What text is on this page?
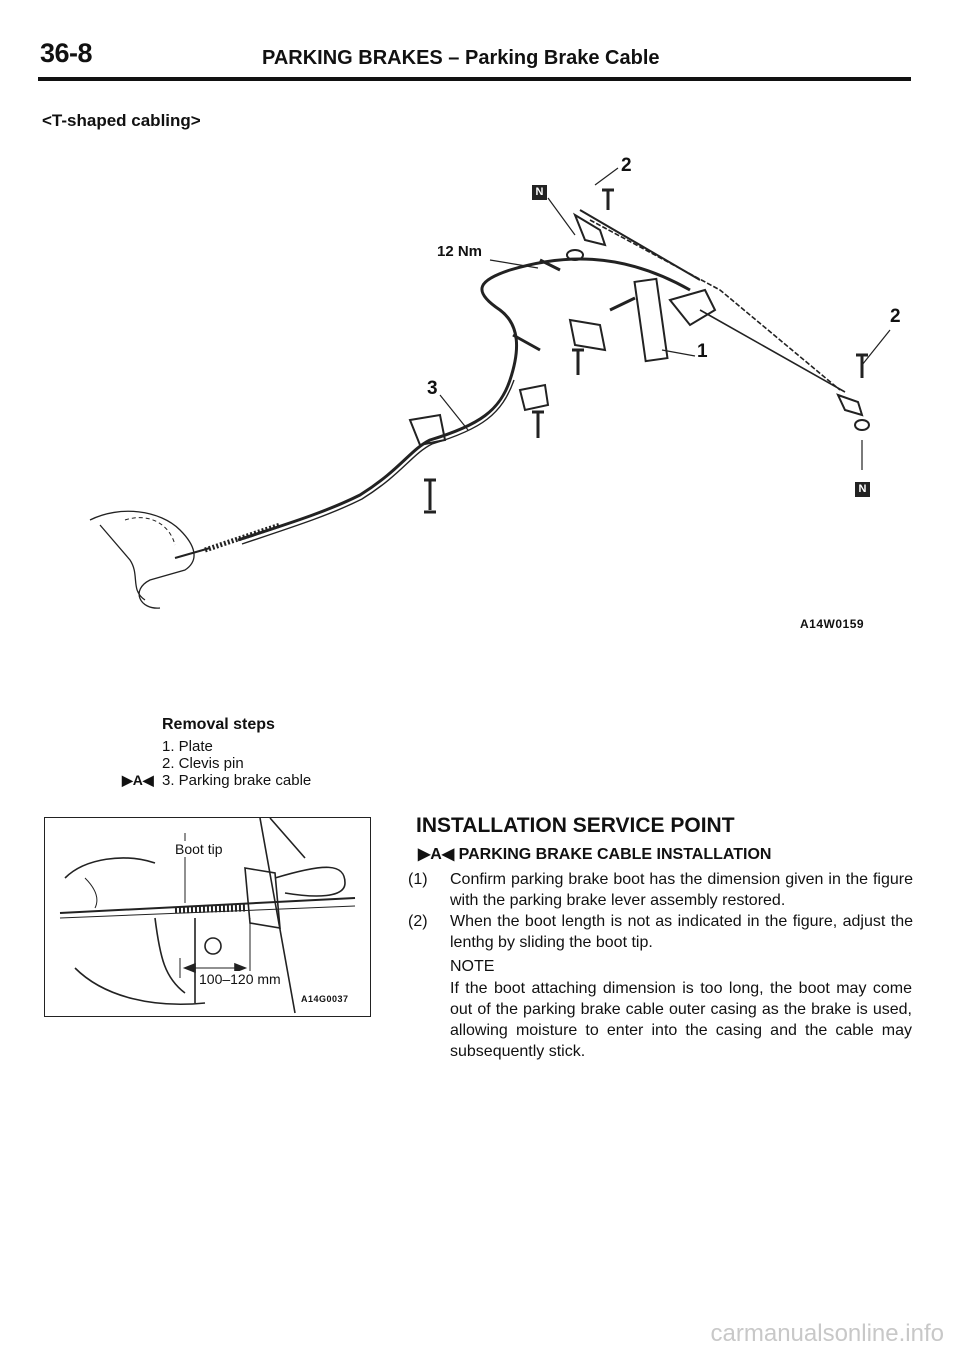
36-8	PARKING BRAKES – Parking Brake Cable
<T-shaped cabling>
2
2
1
3
12 Nm
N
N
A14W0159
Removal steps
1. Plate
2. Clevis pin
▶A◀ 3. Parking brake cable
Boot tip
100–120 mm
A14G0037
INSTALLATION SERVICE POINT
▶A◀ PARKING BRAKE CABLE INSTALLATION
(1)	Confirm parking brake boot has the dimension given in the figure with the parking brake lever assembly restored.
(2)	When the boot length is not as indicated in the figure, adjust the lenthg by sliding the boot tip.
NOTE
If the boot attaching dimension is too long, the boot may come out of the parking brake cable outer casing as the brake is used, allowing moisture to enter into the casing and the cable may subsequently stick.
carmanualsonline.info
